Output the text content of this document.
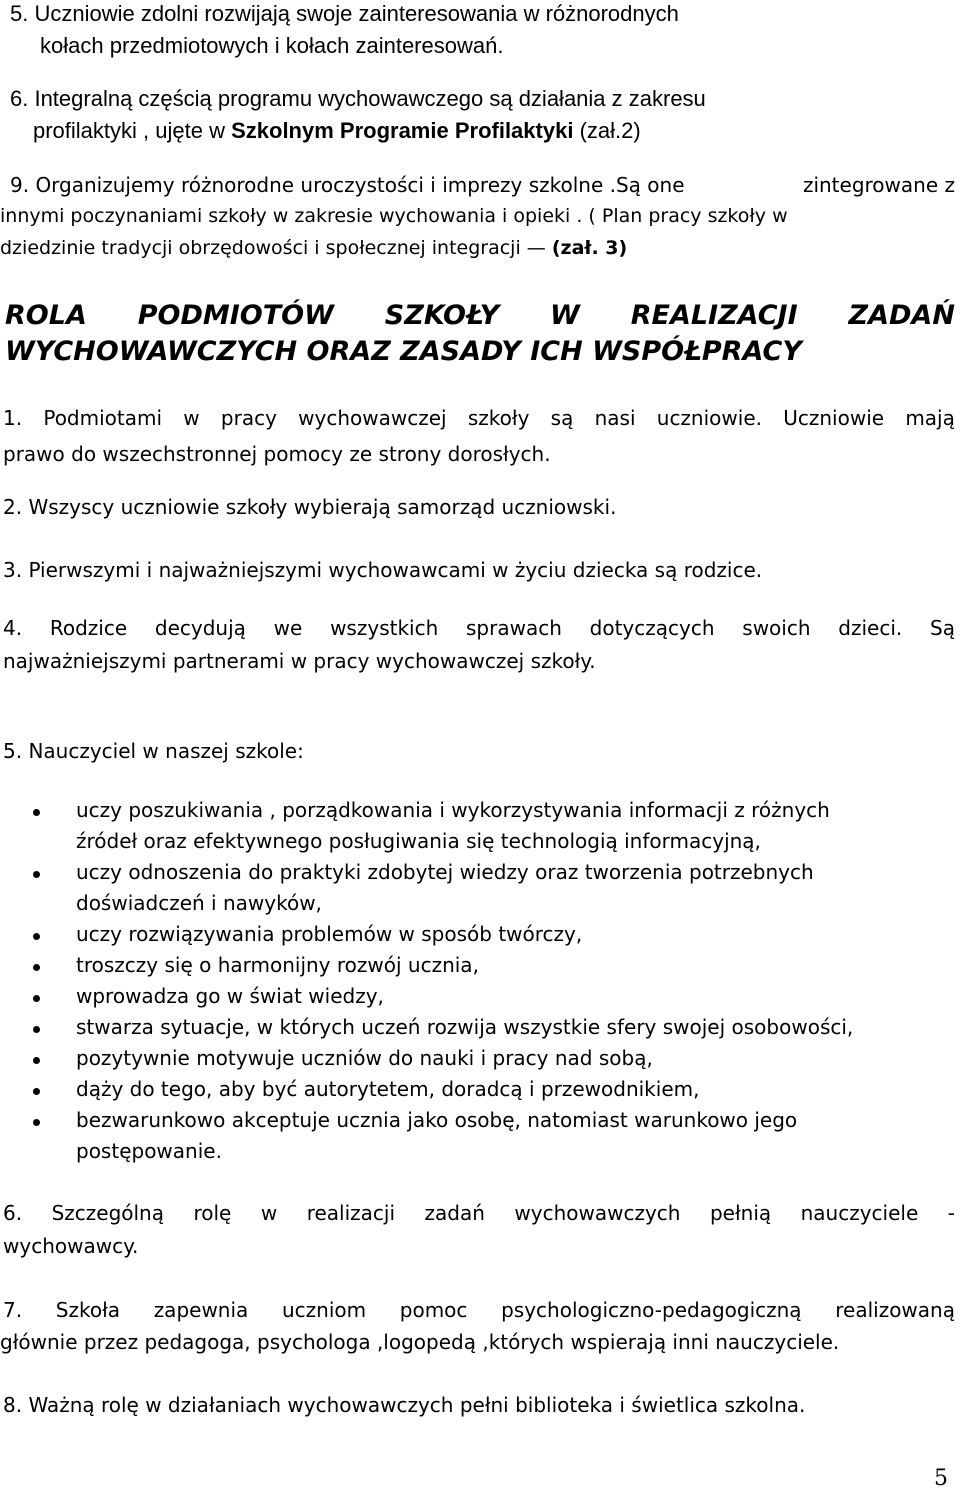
5. Uczniowie zdolni rozwijają swoje zainteresowania w różnorodnych
kołach przedmiotowych i kołach zainteresowań.
6. Integralną częścią programu wychowawczego są działania z zakresu
profilaktyki , ujęte w Szkolnym Programie Profilaktyki (zał.2)
9. Organizujemy różnorodne uroczystości i imprezy szkolne .Są one	zintegrowane z
innymi poczynaniami szkoły w zakresie wychowania i opieki . ( Plan pracy szkoły w
dziedzinie tradycji obrzędowości i społecznej integracji — (zał. 3)
ROLA PODMIOTÓW SZKOŁY W REALIZACJI ZADAŃ
WYCHOWAWCZYCH ORAZ ZASADY ICH WSPÓŁPRACY
1. Podmiotami w pracy wychowawczej szkoły są nasi uczniowie. Uczniowie mają
prawo do wszechstronnej pomocy ze strony dorosłych.
2. Wszyscy uczniowie szkoły wybierają samorząd uczniowski.
3. Pierwszymi i najważniejszymi wychowawcami w życiu dziecka są rodzice.
4. Rodzice decydują we wszystkich sprawach dotyczących swoich dzieci. Są
najważniejszymi partnerami w pracy wychowawczej szkoły.
5. Nauczyciel w naszej szkole:
uczy poszukiwania , porządkowania i wykorzystywania informacji z różnych
źródeł oraz efektywnego posługiwania się technologią informacyjną,
uczy odnoszenia do praktyki zdobytej wiedzy oraz tworzenia potrzebnych
doświadczeń i nawyków,
uczy rozwiązywania problemów w sposób twórczy,
troszczy się o harmonijny rozwój ucznia,
wprowadza go w świat wiedzy,
stwarza sytuacje, w których uczeń rozwija wszystkie sfery swojej osobowości,
pozytywnie motywuje uczniów do nauki i pracy nad sobą,
dąży do tego, aby być autorytetem, doradcą i przewodnikiem,
bezwarunkowo akceptuje ucznia jako osobę, natomiast warunkowo jego
postępowanie.
6. Szczególną rolę w realizacji zadań wychowawczych pełnią nauczyciele -
wychowawcy.
7. Szkoła zapewnia uczniom pomoc psychologiczno-pedagogiczną realizowaną
głównie przez pedagoga, psychologa ,logopedą ,których wspierają inni nauczyciele.
8. Ważną rolę w działaniach wychowawczych pełni biblioteka i świetlica szkolna.
5
